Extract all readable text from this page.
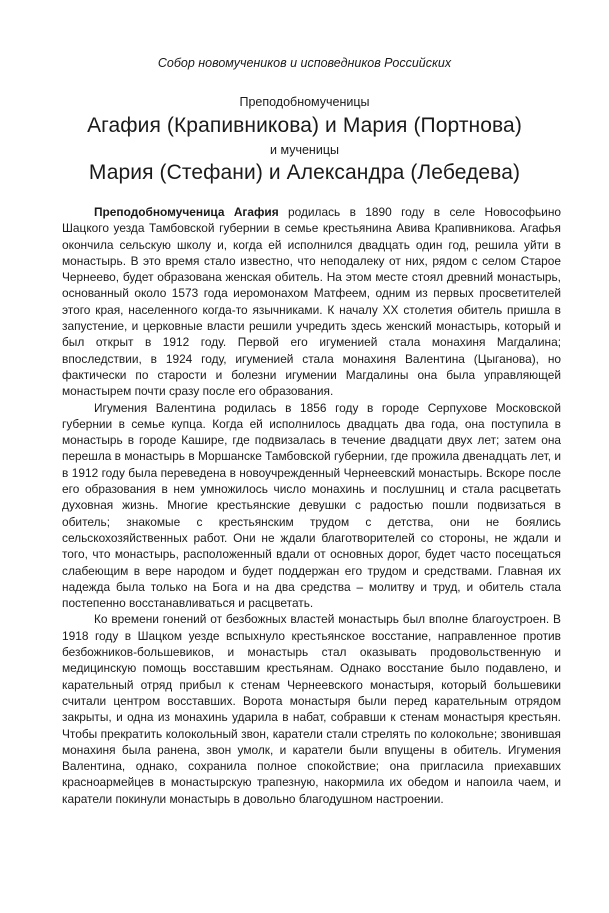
Собор новомучеников и исповедников Российских
Преподобномученицы
Агафия (Крапивникова) и Мария (Портнова)
и мученицы
Мария (Стефани) и Александра (Лебедева)

Преподобномученица Агафия родилась в 1890 году в селе Новософьино Шацкого уезда Тамбовской губернии в семье крестьянина Авива Крапивникова. Агафья окончила сельскую школу и, когда ей исполнился двадцать один год, решила уйти в монастырь. В это время стало известно, что неподалеку от них, рядом с селом Старое Чернеево, будет образована женская обитель. На этом месте стоял древний монастырь, основанный около 1573 года иеромонахом Матфеем, одним из первых просветителей этого края, населенного когда-то язычниками. К началу XX столетия обитель пришла в запустение, и церковные власти решили учредить здесь женский монастырь, который и был открыт в 1912 году. Первой его игуменией стала монахиня Магдалина; впоследствии, в 1924 году, игуменией стала монахиня Валентина (Цыганова), но фактически по старости и болезни игумении Магдалины она была управляющей монастырем почти сразу после его образования.

Игумения Валентина родилась в 1856 году в городе Серпухове Московской губернии в семье купца. Когда ей исполнилось двадцать два года, она поступила в монастырь в городе Кашире, где подвизалась в течение двадцати двух лет; затем она перешла в монастырь в Моршанске Тамбовской губернии, где прожила двенадцать лет, и в 1912 году была переведена в новоучрежденный Чернеевский монастырь. Вскоре после его образования в нем умножилось число монахинь и послушниц и стала расцветать духовная жизнь. Многие крестьянские девушки с радостью пошли подвизаться в обитель; знакомые с крестьянским трудом с детства, они не боялись сельскохозяйственных работ. Они не ждали благотворителей со стороны, не ждали и того, что монастырь, расположенный вдали от основных дорог, будет часто посещаться слабеющим в вере народом и будет поддержан его трудом и средствами. Главная их надежда была только на Бога и на два средства – молитву и труд, и обитель стала постепенно восстанавливаться и расцветать.

Ко времени гонений от безбожных властей монастырь был вполне благоустроен. В 1918 году в Шацком уезде вспыхнуло крестьянское восстание, направленное против безбожников-большевиков, и монастырь стал оказывать продовольственную и медицинскую помощь восставшим крестьянам. Однако восстание было подавлено, и карательный отряд прибыл к стенам Чернеевского монастыря, который большевики считали центром восставших. Ворота монастыря были перед карательным отрядом закрыты, и одна из монахинь ударила в набат, собравши к стенам монастыря крестьян. Чтобы прекратить колокольный звон, каратели стали стрелять по колокольне; звонившая монахиня была ранена, звон умолк, и каратели были впущены в обитель. Игумения Валентина, однако, сохранила полное спокойствие; она пригласила приехавших красноармейцев в монастырскую трапезную, накормила их обедом и напоила чаем, и каратели покинули монастырь в довольно благодушном настроении.
